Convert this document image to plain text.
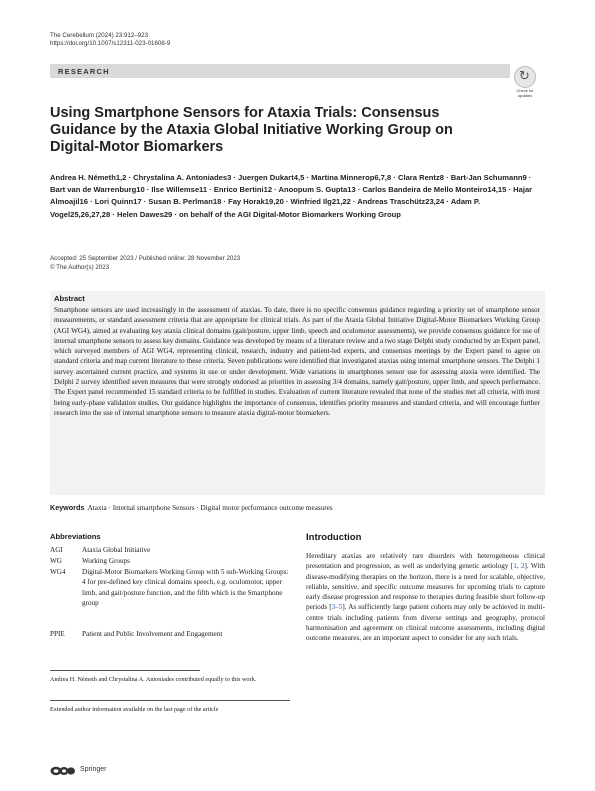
The Cerebellum (2024) 23:912–923
https://doi.org/10.1007/s12311-023-01608-9
RESEARCH	↻
Check for
updates
Using Smartphone Sensors for Ataxia Trials: Consensus Guidance by the Ataxia Global Initiative Working Group on Digital-Motor Biomarkers
Andrea H. Németh1,2 · Chrystalina A. Antoniades3 · Juergen Dukart4,5 · Martina Minnerop6,7,8 · Clara Rentz8 · Bart-Jan Schumann9 · Bart van de Warrenburg10 · Ilse Willemse11 · Enrico Bertini12 · Anoopum S. Gupta13 · Carlos Bandeira de Mello Monteiro14,15 · Hajar Almoajil16 · Lori Quinn17 · Susan B. Perlman18 · Fay Horak19,20 · Winfried Ilg21,22 · Andreas Traschütz23,24 · Adam P. Vogel25,26,27,28 · Helen Dawes29 · on behalf of the AGI Digital-Motor Biomarkers Working Group
Accepted: 25 September 2023 / Published online: 28 November 2023
© The Author(s) 2023
Abstract
Smartphone sensors are used increasingly in the assessment of ataxias. To date, there is no specific consensus guidance regarding a priority set of smartphone sensor measurements, or standard assessment criteria that are appropriate for clinical trials. As part of the Ataxia Global Initiative Digital-Motor Biomarkers Working Group (AGI WG4), aimed at evaluating key ataxia clinical domains (gait/posture, upper limb, speech and oculomotor assessments), we provide consensus guidance for use of internal smartphone sensors to assess key domains. Guidance was developed by means of a literature review and a two stage Delphi study conducted by an Expert panel, which surveyed members of AGI WG4, representing clinical, research, industry and patient-led experts, and consensus meetings by the Expert panel to agree on standard criteria and map current literature to these criteria. Seven publications were identified that investigated ataxias using internal smartphone sensors. The Delphi 1 survey ascertained current practice, and systems in use or under development. Wide variations in smartphones sensor use for assessing ataxia were identified. The Delphi 2 survey identified seven measures that were strongly endorsed as priorities in assessing 3/4 domains, namely gait/posture, upper limb, and speech performance. The Expert panel recommended 15 standard criteria to be fulfilled in studies. Evaluation of current literature revealed that none of the studies met all criteria, with most being early-phase validation studies. Our guidance highlights the importance of consensus, identifies priority measures and standard criteria, and will encourage further research into the use of internal smartphone sensors to measure ataxia digital-motor biomarkers.
Keywords Ataxia · Internal smartphone Sensors · Digital motor performance outcome measures
Abbreviations
AGI	Ataxia Global Initiative
WG	Working Groups
WG4	Digital-Motor Biomarkers Working Group with 5 sub-Working Groups: 4 for pre-defined key clinical domains speech, e.g. oculomotor, upper limb, and gait/posture function, and the fifth which is the Smartphone group
PPIE	Patient and Public Involvement and Engagement
Andrea H. Németh and Chrystalina A. Antoniades contributed equally to this work.
Extended author information available on the last page of the article
Introduction
Hereditary ataxias are relatively rare disorders with heterogeneous clinical presentation and progression, as well as underlying genetic aetiology [1, 2]. With disease-modifying therapies on the horizon, there is a need for scalable, objective, reliable, sensitive, and specific outcome measures for upcoming trials to capture early disease progression and response to therapies during feasible short follow-up periods [3–5]. As sufficiently large patient cohorts may only be achieved in multi-centre trials including patients from diverse settings and geography, protocol harmonisation and agreement on clinical outcome assessments, including digital outcome measures, are an important aspect to consider for any such trials.
Springer
